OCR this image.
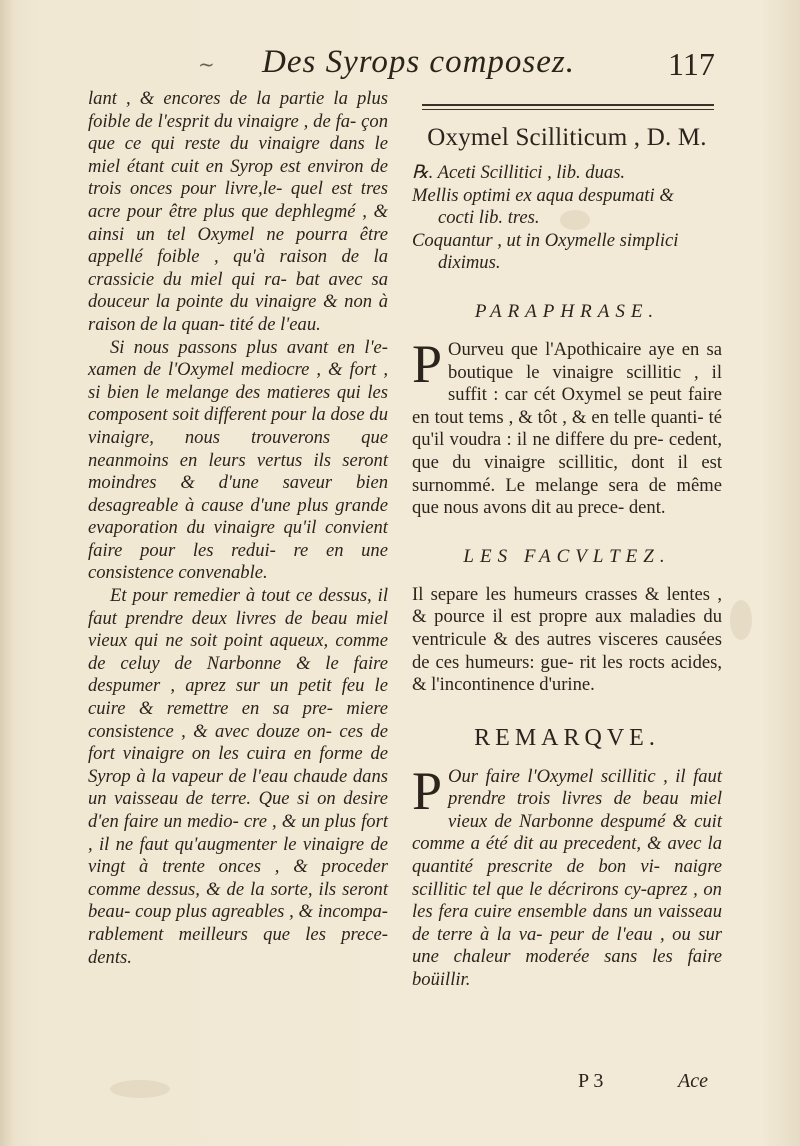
~ Des Syrops composez.	117

lant , & encores de la partie la plus foible de l'esprit du vinaigre , de fa- çon que ce qui reste du vinaigre dans le miel étant cuit en Syrop est environ de trois onces pour livre,le- quel est tres acre pour être plus que dephlegmé , & ainsi un tel Oxymel ne pourra être appellé foible , qu'à raison de la crassicie du miel qui ra- bat avec sa douceur la pointe du vinaigre & non à raison de la quan- tité de l'eau.

Si nous passons plus avant en l'e- xamen de l'Oxymel mediocre , & fort , si bien le melange des matieres qui les composent soit different pour la dose du vinaigre, nous trouverons que neanmoins en leurs vertus ils seront moindres & d'une saveur bien desagreable à cause d'une plus grande evaporation du vinaigre qu'il convient faire pour les redui- re en une consistence convenable.

Et pour remedier à tout ce dessus, il faut prendre deux livres de beau miel vieux qui ne soit point aqueux, comme de celuy de Narbonne & le faire despumer , aprez sur un petit feu le cuire & remettre en sa pre- miere consistence , & avec douze on- ces de fort vinaigre on les cuira en forme de Syrop à la vapeur de l'eau chaude dans un vaisseau de terre. Que si on desire d'en faire un medio- cre , & un plus fort , il ne faut qu'augmenter le vinaigre de vingt à trente onces , & proceder comme dessus, & de la sorte, ils seront beau- coup plus agreables , & incompa- rablement meilleurs que les prece- dents.

Oxymel Scilliticum , D. M.

℞. Aceti Scillitici , lib. duas.

Mellis optimi ex aqua despumati &

cocti lib. tres.

Coquantur , ut in Oxymelle simplici

diximus.

PARAPHRASE.

P Ourveu que l'Apothicaire aye en sa boutique le vinaigre scillitic , il suffit : car cét Oxymel se peut faire en tout tems , & tôt , & en telle quanti- té qu'il voudra : il ne differe du pre- cedent, que du vinaigre scillitic, dont il est surnommé. Le melange sera de même que nous avons dit au prece- dent.

LES FACVLTEZ.

Il separe les humeurs crasses & lentes , & pource il est propre aux maladies du ventricule & des autres visceres causées de ces humeurs: gue- rit les rocts acides, & l'incontinence d'urine.

REMARQVE.

P Our faire l'Oxymel scillitic , il faut prendre trois livres de beau miel vieux de Narbonne despumé & cuit comme a été dit au precedent, & avec la quantité prescrite de bon vi- naigre scillitic tel que le décrirons cy-aprez , on les fera cuire ensemble dans un vaisseau de terre à la va- peur de l'eau , ou sur une chaleur moderée sans les faire boüillir.

P 3	Ace
